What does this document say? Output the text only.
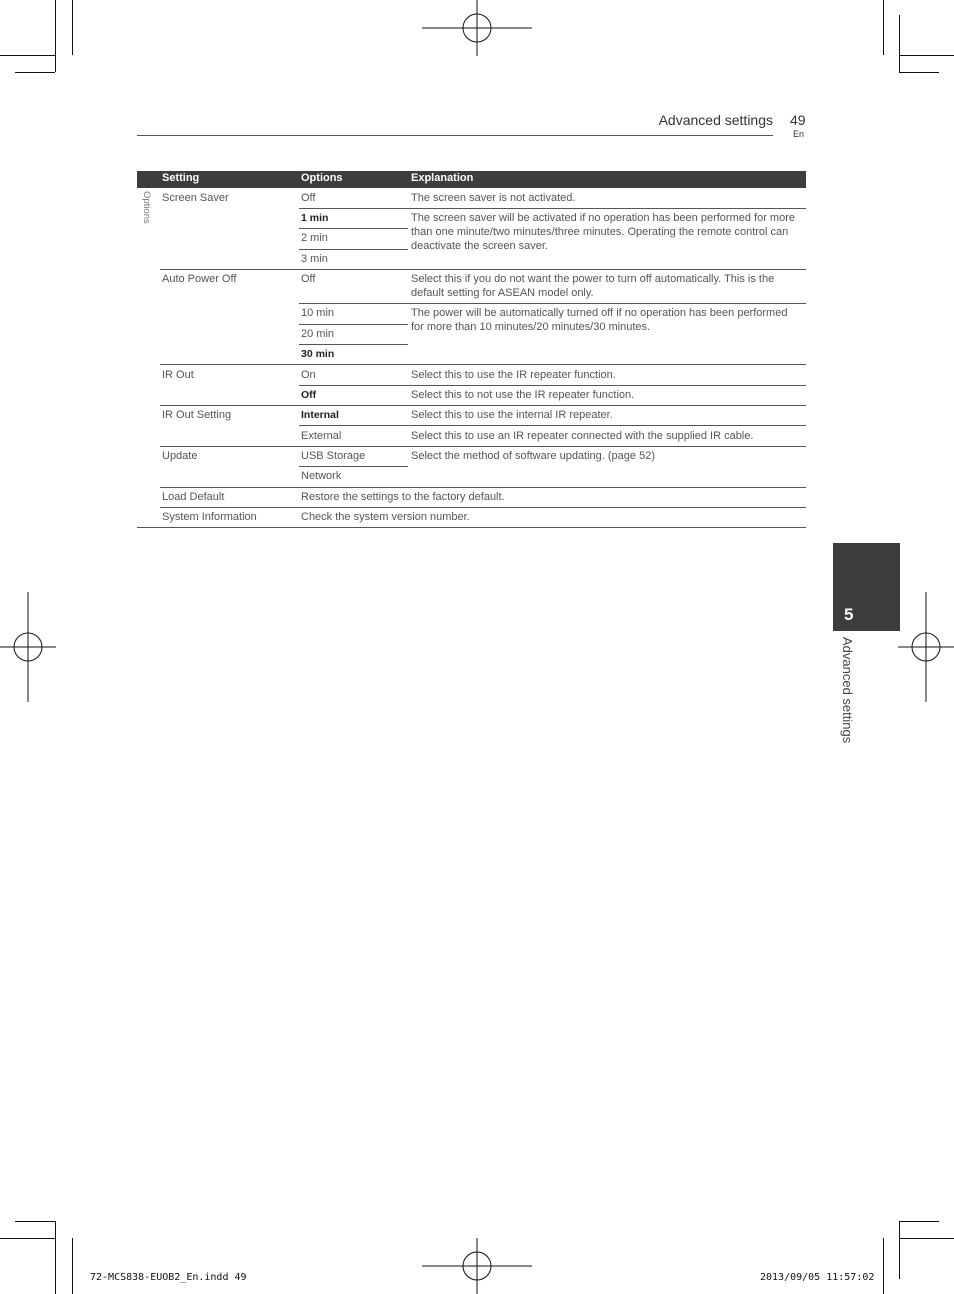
Advanced settings 49
En
Setting	Options	Explanation
Options Screen Saver	Off	The screen saver is not activated.
1 min	The screen saver will be activated if no operation has been performed for more than one minute/two minutes/three minutes. Operating the remote control can deactivate the screen saver.
2 min
3 min
Auto Power Off	Off	Select this if you do not want the power to turn off automatically. This is the default setting for ASEAN model only.
10 min	The power will be automatically turned off if no operation has been performed for more than 10 minutes/20 minutes/30 minutes.
20 min
30 min
IR Out	On	Select this to use the IR repeater function.
Off	Select this to not use the IR repeater function.
IR Out Setting	Internal	Select this to use the internal IR repeater.
External	Select this to use an IR repeater connected with the supplied IR cable.
Update	USB Storage	Select the method of software updating. (page 52)
Network
Load Default	Restore the settings to the factory default.
System Information	Check the system version number.
5
Advanced settings
72-MCS838-EUOB2_En.indd 49	2013/09/05 11:57:02
